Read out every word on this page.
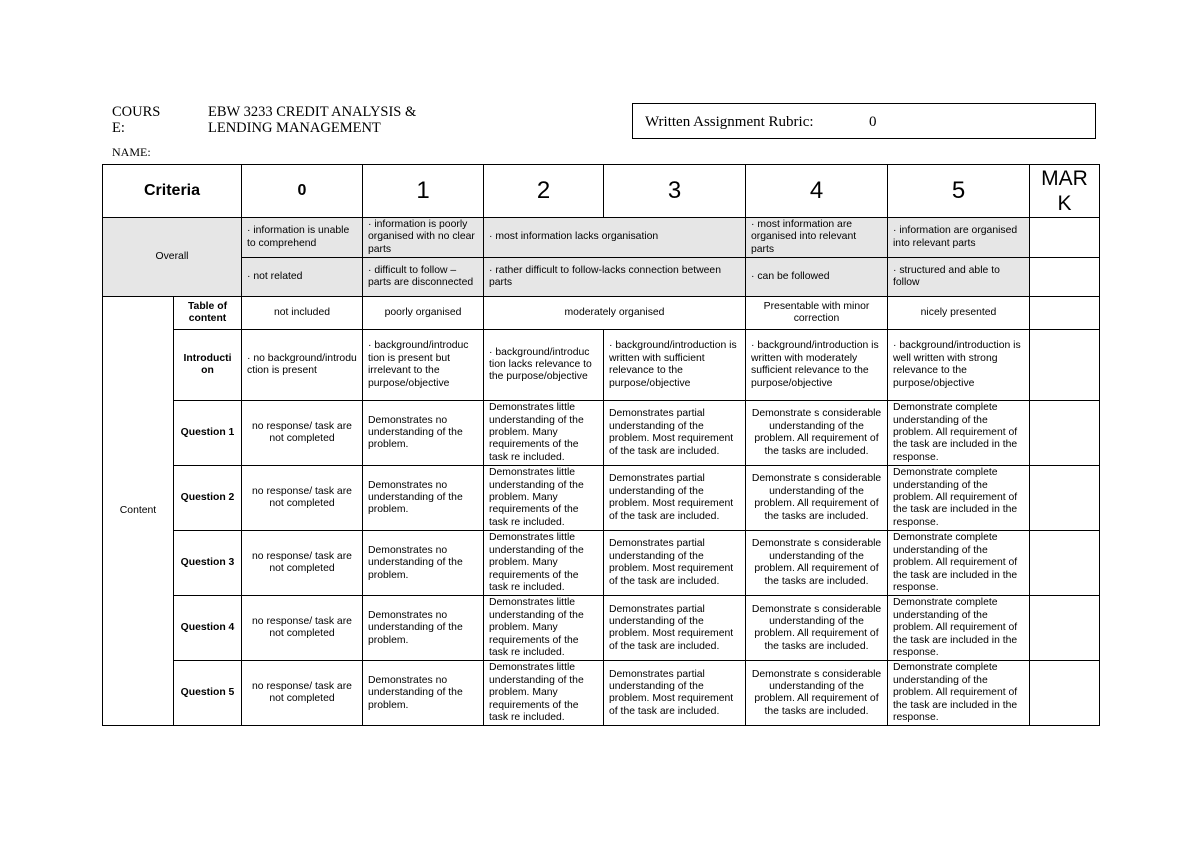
COURS E:
EBW 3233 CREDIT ANALYSIS & LENDING MANAGEMENT
NAME:
Written Assignment Rubric:	0
Criteria		0	1	2	3	4	5	MAR K
Overall		· information is unable to comprehend	· information is poorly organised with no clear parts	· most information lacks organisation		· most information are organised into relevant parts	· information are organised into relevant parts	
		· not related	· difficult to follow – parts are disconnected	· rather difficult to follow-lacks connection between parts		· can be followed	· structured and able to follow	
Content	Table of content	not included	poorly organised	moderately organised		Presentable with minor correction	nicely presented	
	Introducti on	· no background/introdu ction is present	· background/introduc tion is present but irrelevant to the purpose/objective	· background/introduc tion lacks relevance to the purpose/objective	· background/introduction is written with sufficient relevance to the purpose/objective	· background/introduction is written with moderately sufficient relevance to the purpose/objective	· background/introduction is well written with strong relevance to the purpose/objective	
	Question 1	no response/ task are not completed	Demonstrates no understanding of the problem.	Demonstrates little understanding of the problem. Many requirements of the task re included.	Demonstrates partial understanding of the problem. Most requirement of the task are included.	Demonstrate s considerable understanding of the problem. All requirement of the tasks are included.	Demonstrate complete understanding of the problem. All requirement of the task are included in the response.	
	Question 2	no response/ task are not completed	Demonstrates no understanding of the problem.	Demonstrates little understanding of the problem. Many requirements of the task re included.	Demonstrates partial understanding of the problem. Most requirement of the task are included.	Demonstrate s considerable understanding of the problem. All requirement of the tasks are included.	Demonstrate complete understanding of the problem. All requirement of the task are included in the response.	
	Question 3	no response/ task are not completed	Demonstrates no understanding of the problem.	Demonstrates little understanding of the problem. Many requirements of the task re included.	Demonstrates partial understanding of the problem. Most requirement of the task are included.	Demonstrate s considerable understanding of the problem. All requirement of the tasks are included.	Demonstrate complete understanding of the problem. All requirement of the task are included in the response.	
	Question 4	no response/ task are not completed	Demonstrates no understanding of the problem.	Demonstrates little understanding of the problem. Many requirements of the task re included.	Demonstrates partial understanding of the problem. Most requirement of the task are included.	Demonstrate s considerable understanding of the problem. All requirement of the tasks are included.	Demonstrate complete understanding of the problem. All requirement of the task are included in the response.	
	Question 5	no response/ task are not completed	Demonstrates no understanding of the problem.	Demonstrates little understanding of the problem. Many requirements of the task re included.	Demonstrates partial understanding of the problem. Most requirement of the task are included.	Demonstrate s considerable understanding of the problem. All requirement of the tasks are included.	Demonstrate complete understanding of the problem. All requirement of the task are included in the response.	
